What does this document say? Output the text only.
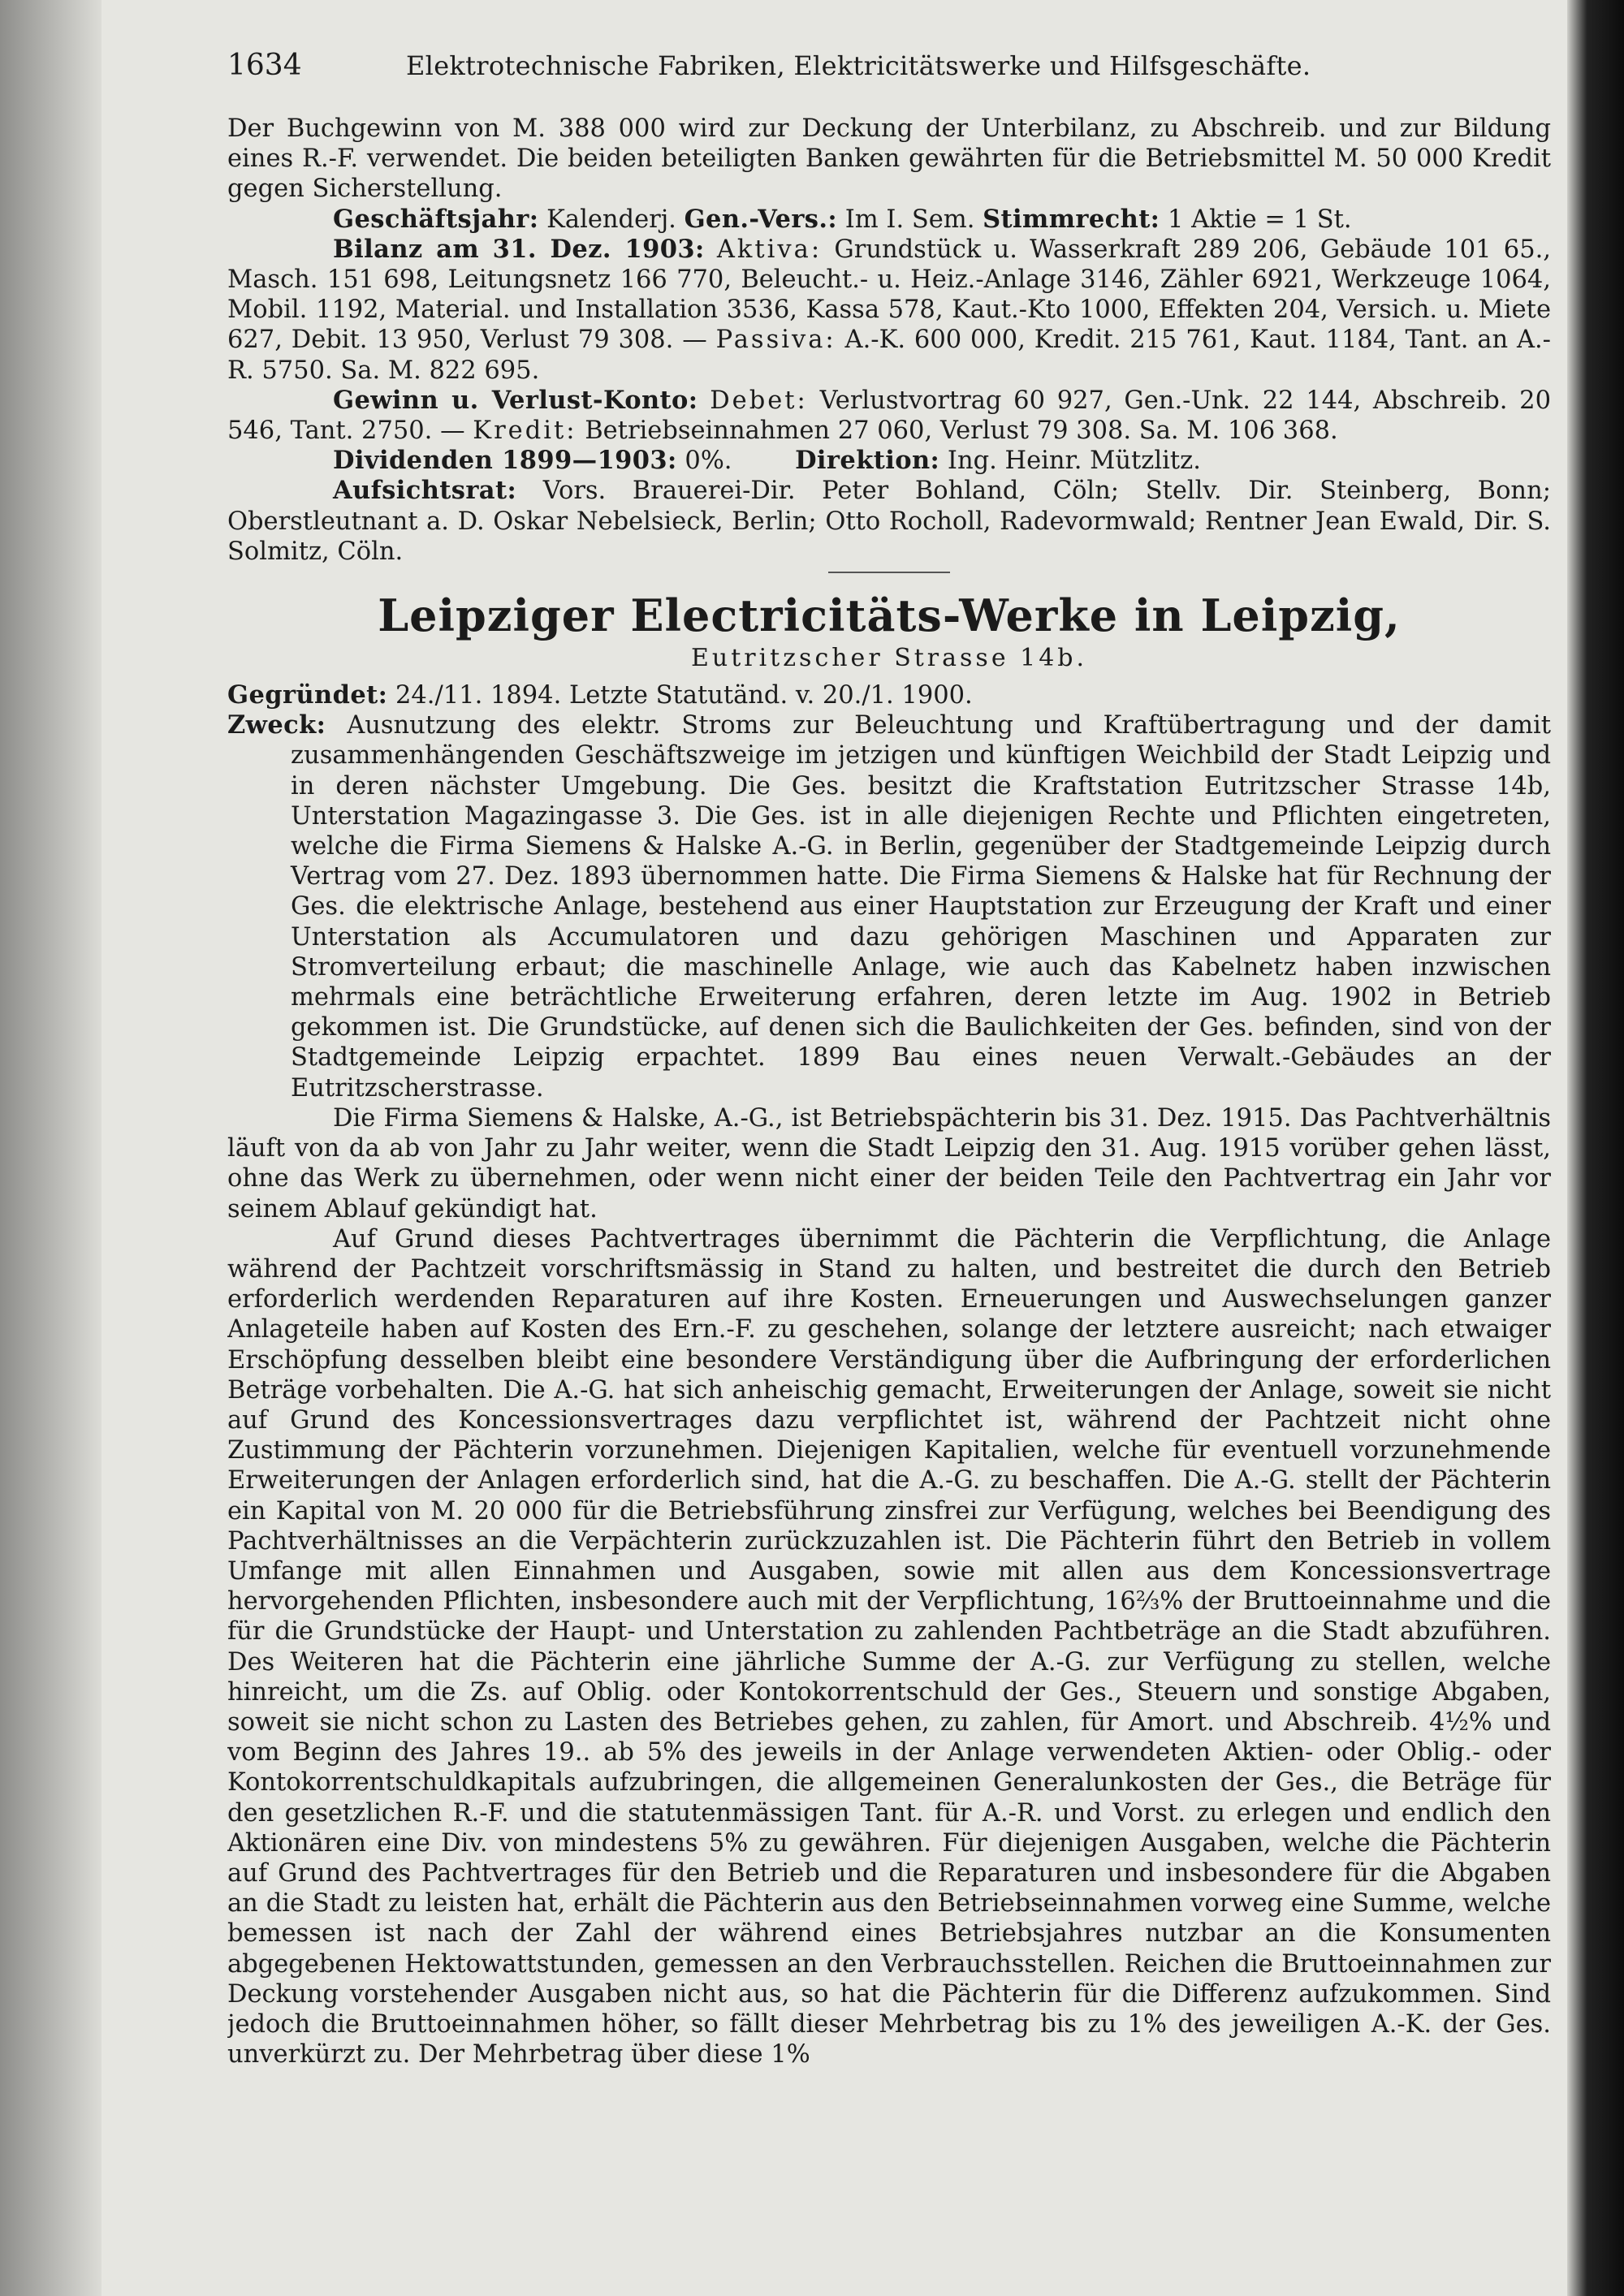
1634	Elektrotechnische Fabriken, Elektricitätswerke und Hilfsgeschäfte.

Der Buchgewinn von M. 388 000 wird zur Deckung der Unterbilanz, zu Abschreib. und zur Bildung eines R.-F. verwendet. Die beiden beteiligten Banken gewährten für die Betriebsmittel M. 50 000 Kredit gegen Sicherstellung.

Geschäftsjahr: Kalenderj. Gen.-Vers.: Im I. Sem. Stimmrecht: 1 Aktie = 1 St.

Bilanz am 31. Dez. 1903: Aktiva: Grundstück u. Wasserkraft 289 206, Gebäude 101 65., Masch. 151 698, Leitungsnetz 166 770, Beleucht.- u. Heiz.-Anlage 3146, Zähler 6921, Werkzeuge 1064, Mobil. 1192, Material. und Installation 3536, Kassa 578, Kaut.-Kto 1000, Effekten 204, Versich. u. Miete 627, Debit. 13 950, Verlust 79 308. — Passiva: A.-K. 600 000, Kredit. 215 761, Kaut. 1184, Tant. an A.-R. 5750. Sa. M. 822 695.

Gewinn u. Verlust-Konto: Debet: Verlustvortrag 60 927, Gen.-Unk. 22 144, Abschreib. 20 546, Tant. 2750. — Kredit: Betriebseinnahmen 27 060, Verlust 79 308. Sa. M. 106 368.

Dividenden 1899—1903: 0%.	Direktion: Ing. Heinr. Mützlitz.

Aufsichtsrat: Vors. Brauerei-Dir. Peter Bohland, Cöln; Stellv. Dir. Steinberg, Bonn; Oberstleutnant a. D. Oskar Nebelsieck, Berlin; Otto Rocholl, Radevormwald; Rentner Jean Ewald, Dir. S. Solmitz, Cöln.

Leipziger Electricitäts-Werke in Leipzig,
Eutritzscher Strasse 14b.

Gegründet: 24./11. 1894. Letzte Statutänd. v. 20./1. 1900.

Zweck: Ausnutzung des elektr. Stroms zur Beleuchtung und Kraftübertragung und der damit zusammenhängenden Geschäftszweige im jetzigen und künftigen Weichbild der Stadt Leipzig und in deren nächster Umgebung. Die Ges. besitzt die Kraftstation Eutritzscher Strasse 14b, Unterstation Magazingasse 3. Die Ges. ist in alle diejenigen Rechte und Pflichten eingetreten, welche die Firma Siemens & Halske A.-G. in Berlin, gegenüber der Stadtgemeinde Leipzig durch Vertrag vom 27. Dez. 1893 übernommen hatte. Die Firma Siemens & Halske hat für Rechnung der Ges. die elektrische Anlage, bestehend aus einer Hauptstation zur Erzeugung der Kraft und einer Unterstation als Accumulatoren und dazu gehörigen Maschinen und Apparaten zur Stromverteilung erbaut; die maschinelle Anlage, wie auch das Kabelnetz haben inzwischen mehrmals eine beträchtliche Erweiterung erfahren, deren letzte im Aug. 1902 in Betrieb gekommen ist. Die Grundstücke, auf denen sich die Baulichkeiten der Ges. befinden, sind von der Stadtgemeinde Leipzig erpachtet. 1899 Bau eines neuen Verwalt.-Gebäudes an der Eutritzscherstrasse.

Die Firma Siemens & Halske, A.-G., ist Betriebspächterin bis 31. Dez. 1915. Das Pachtverhältnis läuft von da ab von Jahr zu Jahr weiter, wenn die Stadt Leipzig den 31. Aug. 1915 vorüber gehen lässt, ohne das Werk zu übernehmen, oder wenn nicht einer der beiden Teile den Pachtvertrag ein Jahr vor seinem Ablauf gekündigt hat.

Auf Grund dieses Pachtvertrages übernimmt die Pächterin die Verpflichtung, die Anlage während der Pachtzeit vorschriftsmässig in Stand zu halten, und bestreitet die durch den Betrieb erforderlich werdenden Reparaturen auf ihre Kosten. Erneuerungen und Auswechselungen ganzer Anlageteile haben auf Kosten des Ern.-F. zu geschehen, solange der letztere ausreicht; nach etwaiger Erschöpfung desselben bleibt eine besondere Verständigung über die Aufbringung der erforderlichen Beträge vorbehalten. Die A.-G. hat sich anheischig gemacht, Erweiterungen der Anlage, soweit sie nicht auf Grund des Koncessionsvertrages dazu verpflichtet ist, während der Pachtzeit nicht ohne Zustimmung der Pächterin vorzunehmen. Diejenigen Kapitalien, welche für eventuell vorzunehmende Erweiterungen der Anlagen erforderlich sind, hat die A.-G. zu beschaffen. Die A.-G. stellt der Pächterin ein Kapital von M. 20 000 für die Betriebsführung zinsfrei zur Verfügung, welches bei Beendigung des Pachtverhältnisses an die Verpächterin zurückzuzahlen ist. Die Pächterin führt den Betrieb in vollem Umfange mit allen Einnahmen und Ausgaben, sowie mit allen aus dem Koncessionsvertrage hervorgehenden Pflichten, insbesondere auch mit der Verpflichtung, 16⅔% der Bruttoeinnahme und die für die Grundstücke der Haupt- und Unterstation zu zahlenden Pachtbeträge an die Stadt abzuführen. Des Weiteren hat die Pächterin eine jährliche Summe der A.-G. zur Verfügung zu stellen, welche hinreicht, um die Zs. auf Oblig. oder Kontokorrentschuld der Ges., Steuern und sonstige Abgaben, soweit sie nicht schon zu Lasten des Betriebes gehen, zu zahlen, für Amort. und Abschreib. 4½% und vom Beginn des Jahres 19.. ab 5% des jeweils in der Anlage verwendeten Aktien- oder Oblig.- oder Kontokorrentschuldkapitals aufzubringen, die allgemeinen Generalunkosten der Ges., die Beträge für den gesetzlichen R.-F. und die statutenmässigen Tant. für A.-R. und Vorst. zu erlegen und endlich den Aktionären eine Div. von mindestens 5% zu gewähren. Für diejenigen Ausgaben, welche die Pächterin auf Grund des Pachtvertrages für den Betrieb und die Reparaturen und insbesondere für die Abgaben an die Stadt zu leisten hat, erhält die Pächterin aus den Betriebseinnahmen vorweg eine Summe, welche bemessen ist nach der Zahl der während eines Betriebsjahres nutzbar an die Konsumenten abgegebenen Hektowattstunden, gemessen an den Verbrauchsstellen. Reichen die Bruttoeinnahmen zur Deckung vorstehender Ausgaben nicht aus, so hat die Pächterin für die Differenz aufzukommen. Sind jedoch die Bruttoeinnahmen höher, so fällt dieser Mehrbetrag bis zu 1% des jeweiligen A.-K. der Ges. unverkürzt zu. Der Mehrbetrag über diese 1%
